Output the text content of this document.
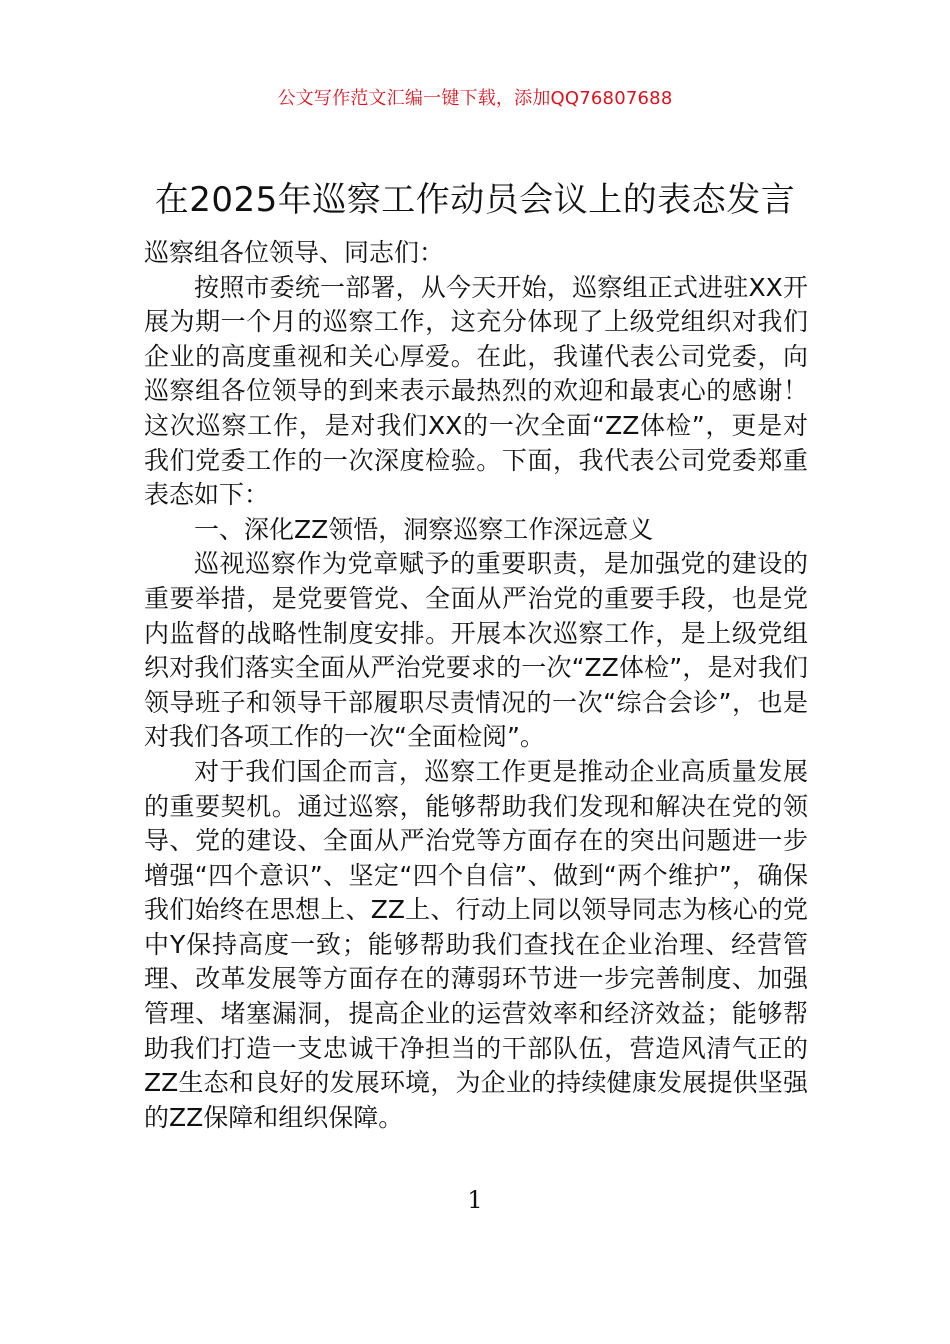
公文写作范文汇编一键下载，添加QQ76807688
在2025年巡察工作动员会议上的表态发言

巡察组各位领导、同志们：

按照市委统一部署，从今天开始，巡察组正式进驻XX开展为期一个月的巡察工作，这充分体现了上级党组织对我们企业的高度重视和关心厚爱。在此，我谨代表公司党委，向巡察组各位领导的到来表示最热烈的欢迎和最衷心的感谢！这次巡察工作，是对我们XX的一次全面“ZZ体检”，更是对我们党委工作的一次深度检验。下面，我代表公司党委郑重表态如下：

一、深化ZZ领悟，洞察巡察工作深远意义

巡视巡察作为党章赋予的重要职责，是加强党的建设的重要举措，是党要管党、全面从严治党的重要手段，也是党内监督的战略性制度安排。开展本次巡察工作，是上级党组织对我们落实全面从严治党要求的一次“ZZ体检”，是对我们领导班子和领导干部履职尽责情况的一次“综合会诊”，也是对我们各项工作的一次“全面检阅”。

对于我们国企而言，巡察工作更是推动企业高质量发展的重要契机。通过巡察，能够帮助我们发现和解决在党的领导、党的建设、全面从严治党等方面存在的突出问题进一步增强“四个意识”、坚定“四个自信”、做到“两个维护”，确保我们始终在思想上、ZZ上、行动上同以领导同志为核心的党中Y保持高度一致；能够帮助我们查找在企业治理、经营管理、改革发展等方面存在的薄弱环节进一步完善制度、加强管理、堵塞漏洞，提高企业的运营效率和经济效益；能够帮助我们打造一支忠诚干净担当的干部队伍，营造风清气正的ZZ生态和良好的发展环境，为企业的持续健康发展提供坚强的ZZ保障和组织保障。

1
